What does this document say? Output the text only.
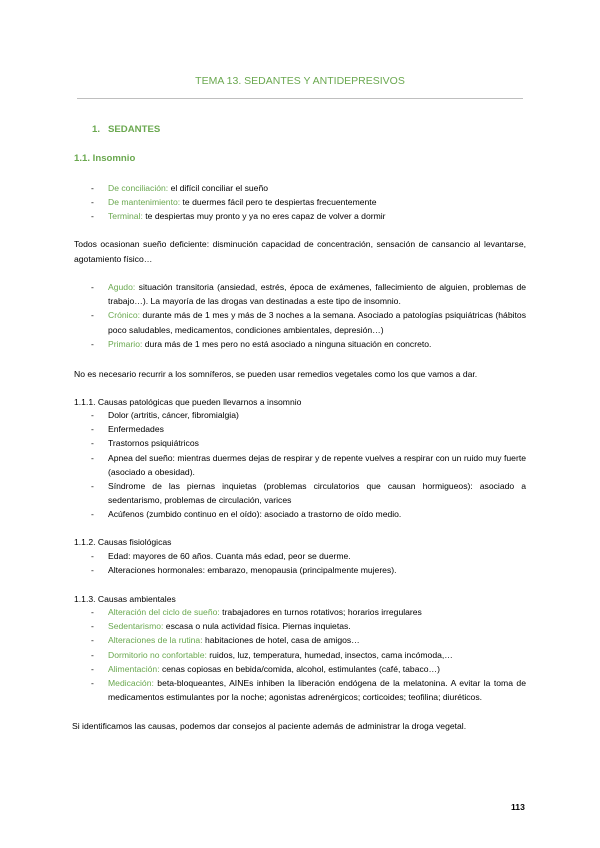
TEMA 13. SEDANTES Y ANTIDEPRESIVOS
1. SEDANTES
1.1. Insomnio
- De conciliación: el difícil conciliar el sueño
- De mantenimiento: te duermes fácil pero te despiertas frecuentemente
- Terminal: te despiertas muy pronto y ya no eres capaz de volver a dormir
Todos ocasionan sueño deficiente: disminución capacidad de concentración, sensación de cansancio al levantarse, agotamiento físico…
- Agudo: situación transitoria (ansiedad, estrés, época de exámenes, fallecimiento de alguien, problemas de trabajo…). La mayoría de las drogas van destinadas a este tipo de insomnio.
- Crónico: durante más de 1 mes y más de 3 noches a la semana. Asociado a patologías psiquiátricas (hábitos poco saludables, medicamentos, condiciones ambientales, depresión…)
- Primario: dura más de 1 mes pero no está asociado a ninguna situación en concreto.
No es necesario recurrir a los somníferos, se pueden usar remedios vegetales como los que vamos a dar.
1.1.1. Causas patológicas que pueden llevarnos a insomnio
- Dolor (artritis, cáncer, fibromialgia)
- Enfermedades
- Trastornos psiquiátricos
- Apnea del sueño: mientras duermes dejas de respirar y de repente vuelves a respirar con un ruido muy fuerte (asociado a obesidad).
- Síndrome de las piernas inquietas (problemas circulatorios que causan hormigueos): asociado a sedentarismo, problemas de circulación, varices
- Acúfenos (zumbido continuo en el oído): asociado a trastorno de oído medio.
1.1.2. Causas fisiológicas
- Edad: mayores de 60 años. Cuanta más edad, peor se duerme.
- Alteraciones hormonales: embarazo, menopausia (principalmente mujeres).
1.1.3. Causas ambientales
- Alteración del ciclo de sueño: trabajadores en turnos rotativos; horarios irregulares
- Sedentarismo: escasa o nula actividad física. Piernas inquietas.
- Alteraciones de la rutina: habitaciones de hotel, casa de amigos…
- Dormitorio no confortable: ruidos, luz, temperatura, humedad, insectos, cama incómoda,…
- Alimentación: cenas copiosas en bebida/comida, alcohol, estimulantes (café, tabaco…)
- Medicación: beta-bloqueantes, AINEs inhiben la liberación endógena de la melatonina. A evitar la toma de medicamentos estimulantes por la noche; agonistas adrenérgicos; corticoides; teofilina; diuréticos.
Si identificamos las causas, podemos dar consejos al paciente además de administrar la droga vegetal.
113
